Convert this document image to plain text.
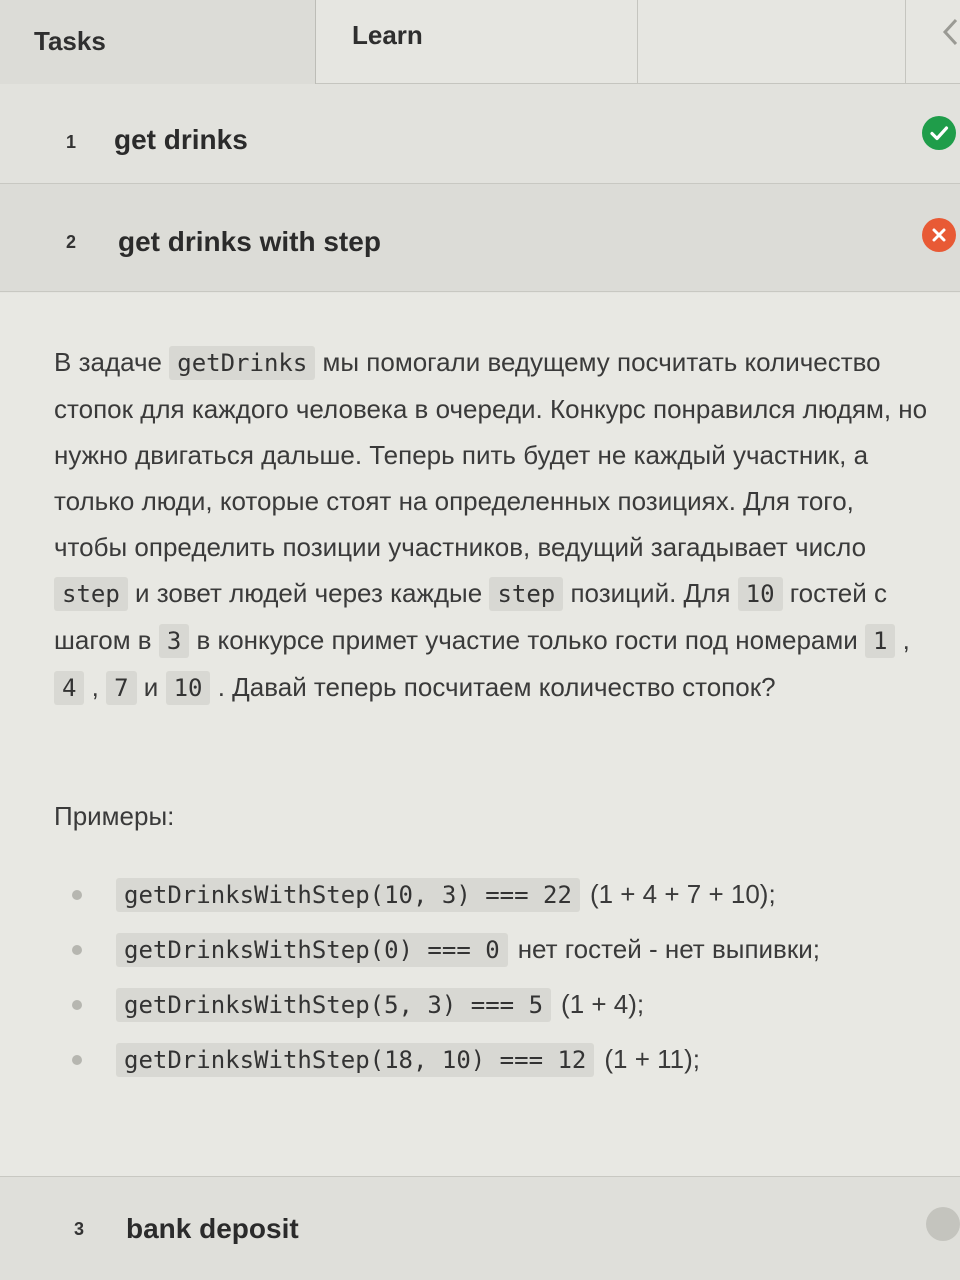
Tasks	Learn
1 get drinks
2 get drinks with step
В задаче getDrinks мы помогали ведущему посчитать количество стопок для каждого человека в очереди. Конкурс понравился людям, но нужно двигаться дальше. Теперь пить будет не каждый участник, а только люди, которые стоят на определенных позициях. Для того, чтобы определить позиции участников, ведущий загадывает число step и зовет людей через каждые step позиций. Для 10 гостей с шагом в 3 в конкурсе примет участие только гости под номерами 1 , 4 , 7 и 10 . Давай теперь посчитаем количество стопок?
Примеры:
getDrinksWithStep(10, 3) === 22 (1 + 4 + 7 + 10);
getDrinksWithStep(0) === 0 нет гостей - нет выпивки;
getDrinksWithStep(5, 3) === 5 (1 + 4);
getDrinksWithStep(18, 10) === 12 (1 + 11);
3 bank deposit
